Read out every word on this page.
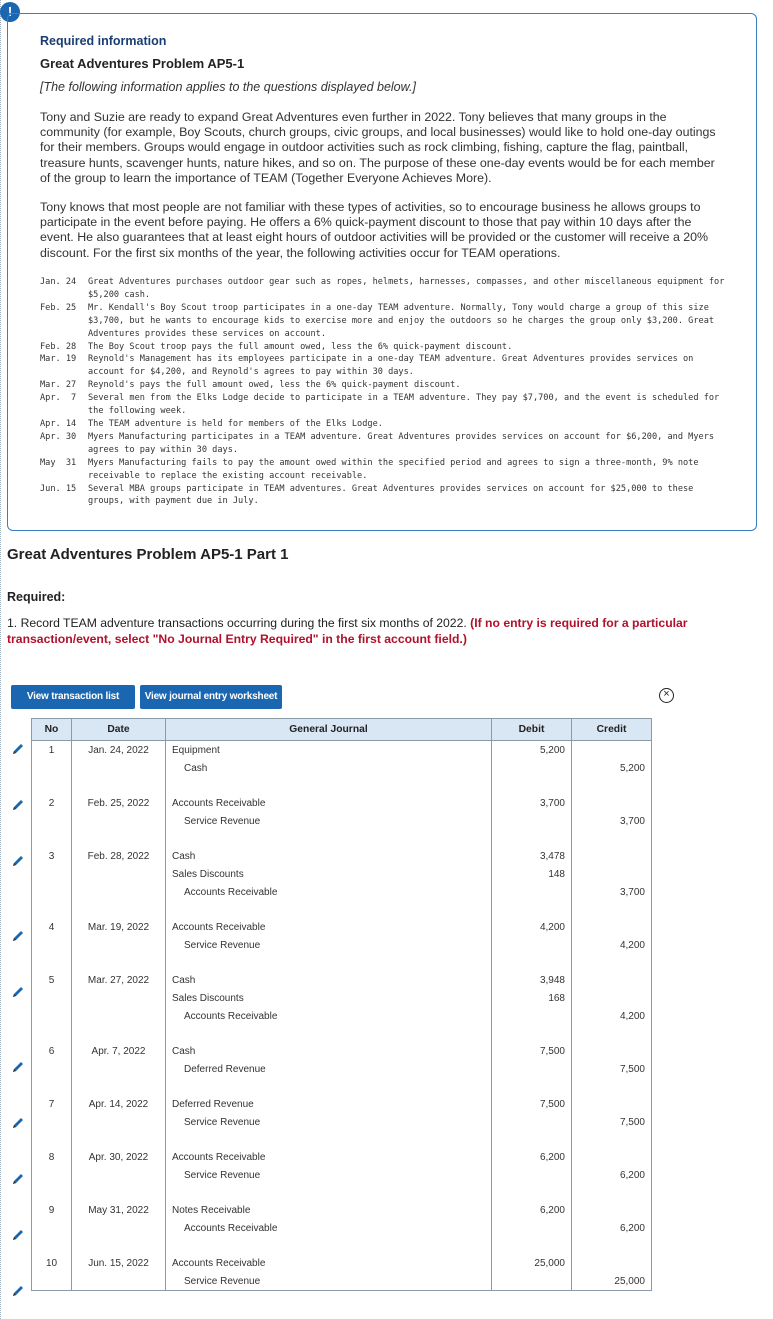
!
Required information
Great Adventures Problem AP5-1
[The following information applies to the questions displayed below.]

Tony and Suzie are ready to expand Great Adventures even further in 2022. Tony believes that many groups in the community (for example, Boy Scouts, church groups, civic groups, and local businesses) would like to hold one-day outings for their members. Groups would engage in outdoor activities such as rock climbing, fishing, capture the flag, paintball, treasure hunts, scavenger hunts, nature hikes, and so on. The purpose of these one-day events would be for each member of the group to learn the importance of TEAM (Together Everyone Achieves More).

Tony knows that most people are not familiar with these types of activities, so to encourage business he allows groups to participate in the event before paying. He offers a 6% quick-payment discount to those that pay within 10 days after the event. He also guarantees that at least eight hours of outdoor activities will be provided or the customer will receive a 20% discount. For the first six months of the year, the following activities occur for TEAM operations.

Jan. 24	Great Adventures purchases outdoor gear such as ropes, helmets, harnesses, compasses, and other miscellaneous equipment for $5,200 cash.
Feb. 25	Mr. Kendall's Boy Scout troop participates in a one-day TEAM adventure. Normally, Tony would charge a group of this size $3,700, but he wants to encourage kids to exercise more and enjoy the outdoors so he charges the group only $3,200. Great Adventures provides these services on account.
Feb. 28	The Boy Scout troop pays the full amount owed, less the 6% quick-payment discount.
Mar. 19	Reynold's Management has its employees participate in a one-day TEAM adventure. Great Adventures provides services on account for $4,200, and Reynold's agrees to pay within 30 days.
Mar. 27	Reynold's pays the full amount owed, less the 6% quick-payment discount.
Apr.  7	Several men from the Elks Lodge decide to participate in a TEAM adventure. They pay $7,700, and the event is scheduled for the following week.
Apr. 14	The TEAM adventure is held for members of the Elks Lodge.
Apr. 30	Myers Manufacturing participates in a TEAM adventure. Great Adventures provides services on account for $6,200, and Myers agrees to pay within 30 days.
May  31	Myers Manufacturing fails to pay the amount owed within the specified period and agrees to sign a three-month, 9% note receivable to replace the existing account receivable.
Jun. 15	Several MBA groups participate in TEAM adventures. Great Adventures provides services on account for $25,000 to these groups, with payment due in July.
Great Adventures Problem AP5-1 Part 1
Required:
1. Record TEAM adventure transactions occurring during the first six months of 2022. (If no entry is required for a particular transaction/event, select "No Journal Entry Required" in the first account field.)
View transaction list	View journal entry worksheet	×
No	Date	General Journal	Debit	Credit
1	Jan. 24, 2022	Equipment	5,200	
		Cash		5,200

2	Feb. 25, 2022	Accounts Receivable	3,700	
		Service Revenue		3,700

3	Feb. 28, 2022	Cash	3,478	
		Sales Discounts	148	
		Accounts Receivable		3,700

4	Mar. 19, 2022	Accounts Receivable	4,200	
		Service Revenue		4,200

5	Mar. 27, 2022	Cash	3,948	
		Sales Discounts	168	
		Accounts Receivable		4,200

6	Apr. 7, 2022	Cash	7,500	
		Deferred Revenue		7,500

7	Apr. 14, 2022	Deferred Revenue	7,500	
		Service Revenue		7,500

8	Apr. 30, 2022	Accounts Receivable	6,200	
		Service Revenue		6,200

9	May 31, 2022	Notes Receivable	6,200	
		Accounts Receivable		6,200

10	Jun. 15, 2022	Accounts Receivable	25,000	
		Service Revenue		25,000
